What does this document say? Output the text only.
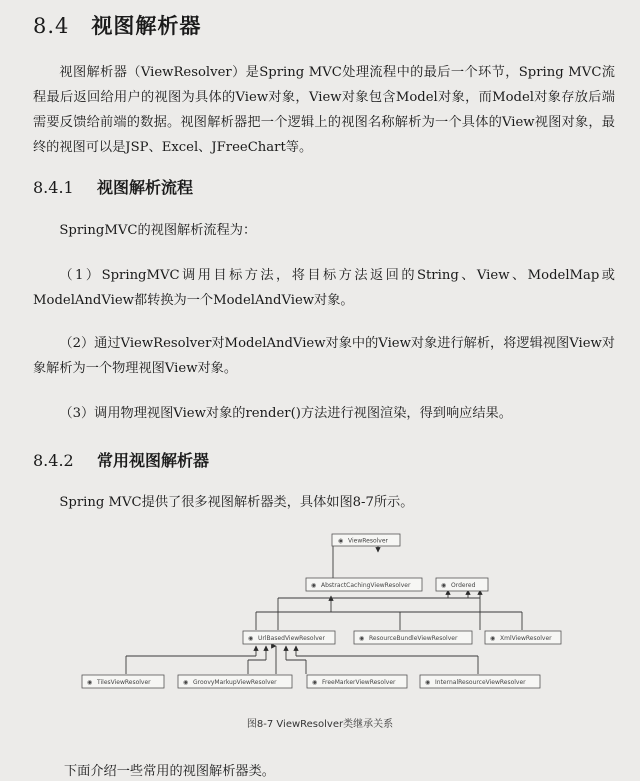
8.4 视图解析器
视图解析器（ViewResolver）是Spring MVC处理流程中的最后一个环节，Spring MVC流程最后返回给用户的视图为具体的View对象，View对象包含Model对象，而Model对象存放后端需要反馈给前端的数据。视图解析器把一个逻辑上的视图名称解析为一个具体的View视图对象，最终的视图可以是JSP、Excel、JFreeChart等。
8.4.1 视图解析流程
SpringMVC的视图解析流程为：
（1）SpringMVC调用目标方法，将目标方法返回的String、View、ModelMap或ModelAndView都转换为一个ModelAndView对象。
（2）通过ViewResolver对ModelAndView对象中的View对象进行解析，将逻辑视图View对象解析为一个物理视图View对象。
（3）调用物理视图View对象的render()方法进行视图渲染，得到响应结果。
8.4.2 常用视图解析器
Spring MVC提供了很多视图解析器类，具体如图8-7所示。
◉ ViewResolver
◉ AbstractCachingViewResolver	◉ Ordered
◉ UrlBasedViewResolver	◉ ResourceBundleViewResolver	◉ XmlViewResolver
◉ TilesViewResolver	◉ GroovyMarkupViewResolver	◉ FreeMarkerViewResolver	◉ InternalResourceViewResolver
图8-7 ViewResolver类继承关系
下面介绍一些常用的视图解析器类。
